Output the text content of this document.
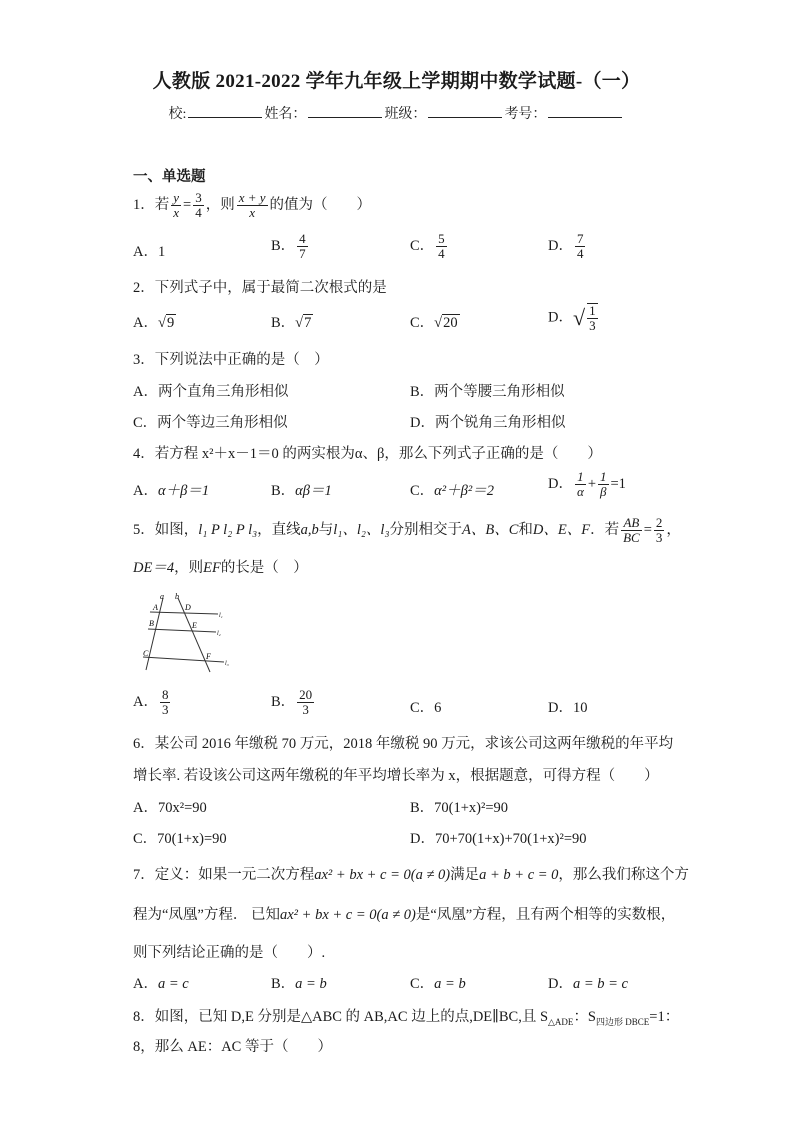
人教版 2021-2022 学年九年级上学期期中数学试题-（一）
校:	姓名：	班级：	考号：
一、单选题
1．若 $\frac{y}{x} = \frac{3}{4}$ ，则 $\frac{x + y}{x}$ 的值为（　　）
A．1	B． $\frac{4}{7}$	C． $\frac{5}{4}$	D． $\frac{7}{4}$
2．下列式子中，属于最简二次根式的是
A．√9	B．√7	C．√20	D．√ $\frac{1}{3}$
3．下列说法中正确的是（　）
A．两个直角三角形相似	B．两个等腰三角形相似
C．两个等边三角形相似	D．两个锐角三角形相似
4．若方程 x²＋x－1＝0 的两实根为α、β，那么下列式子正确的是（　　）
A．α＋β＝1	B．αβ＝1	C．α²＋β²＝2	D． $\frac{1}{\alpha} + \frac{1}{\beta} =1$
5．如图，l₁ P l₂ P l₃，直线a,b与l₁、l₂、l₃分别相交于A、B、C和D、E、F．若 $\frac{AB}{BC} = \frac{2}{3}$ ，
DE＝4，则EF的长是（　）
a b
A	D
B	E
C	F
l₁
l₂
l₃
A． $\frac{8}{3}$	B． $\frac{20}{3}$	C．6	D．10
6．某公司 2016 年缴税 70 万元，2018 年缴税 90 万元，求该公司这两年缴税的年平均
增长率. 若设该公司这两年缴税的年平均增长率为 x，根据题意，可得方程（　　）
A．70x²=90	B．70(1+x)²=90
C．70(1+x)=90	D．70+70(1+x)+70(1+x)²=90
7．定义：如果一元二次方程ax² + bx + c = 0(a ≠ 0)满足a + b + c = 0，那么我们称这个方
程为“凤凰”方程． 已知ax² + bx + c = 0(a ≠ 0)是“凤凰”方程，且有两个相等的实数根，
则下列结论正确的是（　　）.
A．a = c	B．a = b	C．a = b	D．a = b = c
8．如图，已知 D,E 分别是△ABC 的 AB,AC 边上的点,DE∥BC,且 $S_{\triangle ADE}$：$S_{四边形 DBCE}=1$：
8，那么 AE：AC 等于（　　）
